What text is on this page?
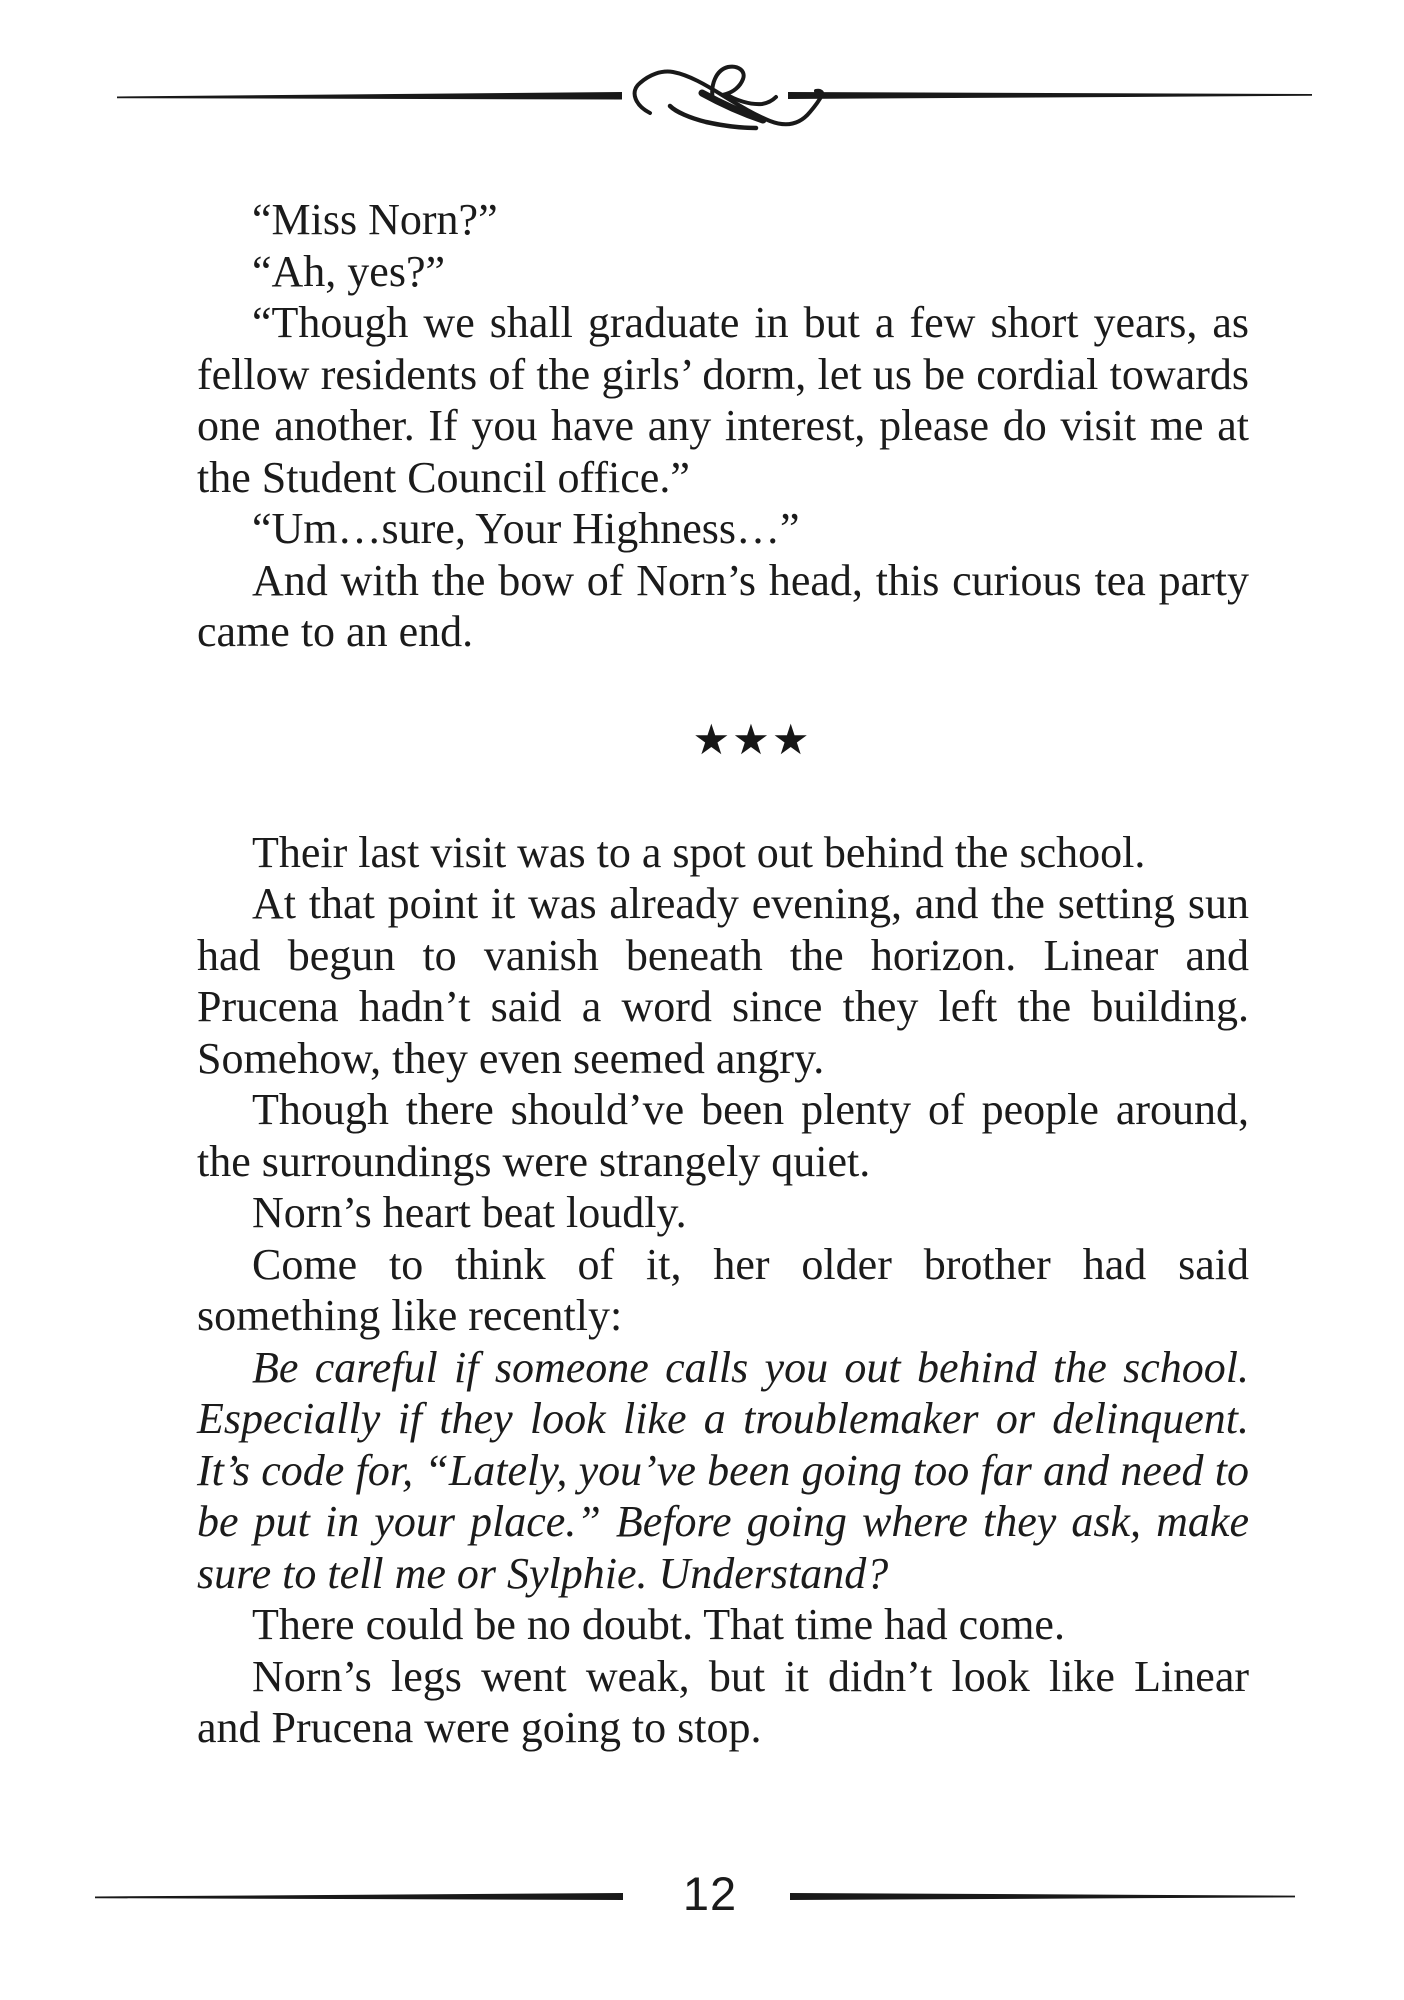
“Miss Norn?”

“Ah, yes?”

“Though we shall graduate in but a few short years, as fellow residents of the girls’ dorm, let us be cordial towards one another. If you have any interest, please do visit me at the Student Council office.”

“Um…sure, Your Highness…”

And with the bow of Norn’s head, this curious tea party came to an end.

★★★

Their last visit was to a spot out behind the school.

At that point it was already evening, and the setting sun had begun to vanish beneath the horizon. Linear and Prucena hadn’t said a word since they left the building. Somehow, they even seemed angry.

Though there should’ve been plenty of people around, the surroundings were strangely quiet.

Norn’s heart beat loudly.

Come to think of it, her older brother had said something like recently:

Be careful if someone calls you out behind the school. Especially if they look like a troublemaker or delinquent. It’s code for, “Lately, you’ve been going too far and need to be put in your place.” Before going where they ask, make sure to tell me or Sylphie. Understand?

There could be no doubt. That time had come.

Norn’s legs went weak, but it didn’t look like Linear and Prucena were going to stop.

12
